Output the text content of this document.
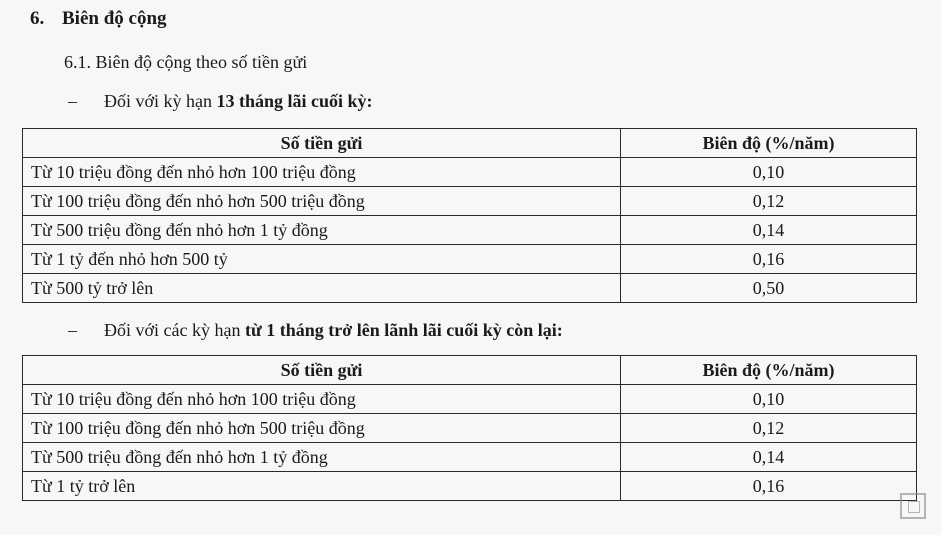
6. Biên độ cộng
6.1. Biên độ cộng theo số tiền gửi
– Đối với kỳ hạn 13 tháng lãi cuối kỳ:
Số tiền gửi	Biên độ (%/năm)
Từ 10 triệu đồng đến nhỏ hơn 100 triệu đồng	0,10
Từ 100 triệu đồng đến nhỏ hơn 500 triệu đồng	0,12
Từ 500 triệu đồng đến nhỏ hơn 1 tỷ đồng	0,14
Từ 1 tỷ đến nhỏ hơn 500 tỷ	0,16
Từ 500 tỷ trở lên	0,50
– Đối với các kỳ hạn từ 1 tháng trở lên lãnh lãi cuối kỳ còn lại:
Số tiền gửi	Biên độ (%/năm)
Từ 10 triệu đồng đến nhỏ hơn 100 triệu đồng	0,10
Từ 100 triệu đồng đến nhỏ hơn 500 triệu đồng	0,12
Từ 500 triệu đồng đến nhỏ hơn 1 tỷ đồng	0,14
Từ 1 tỷ trở lên	0,16
